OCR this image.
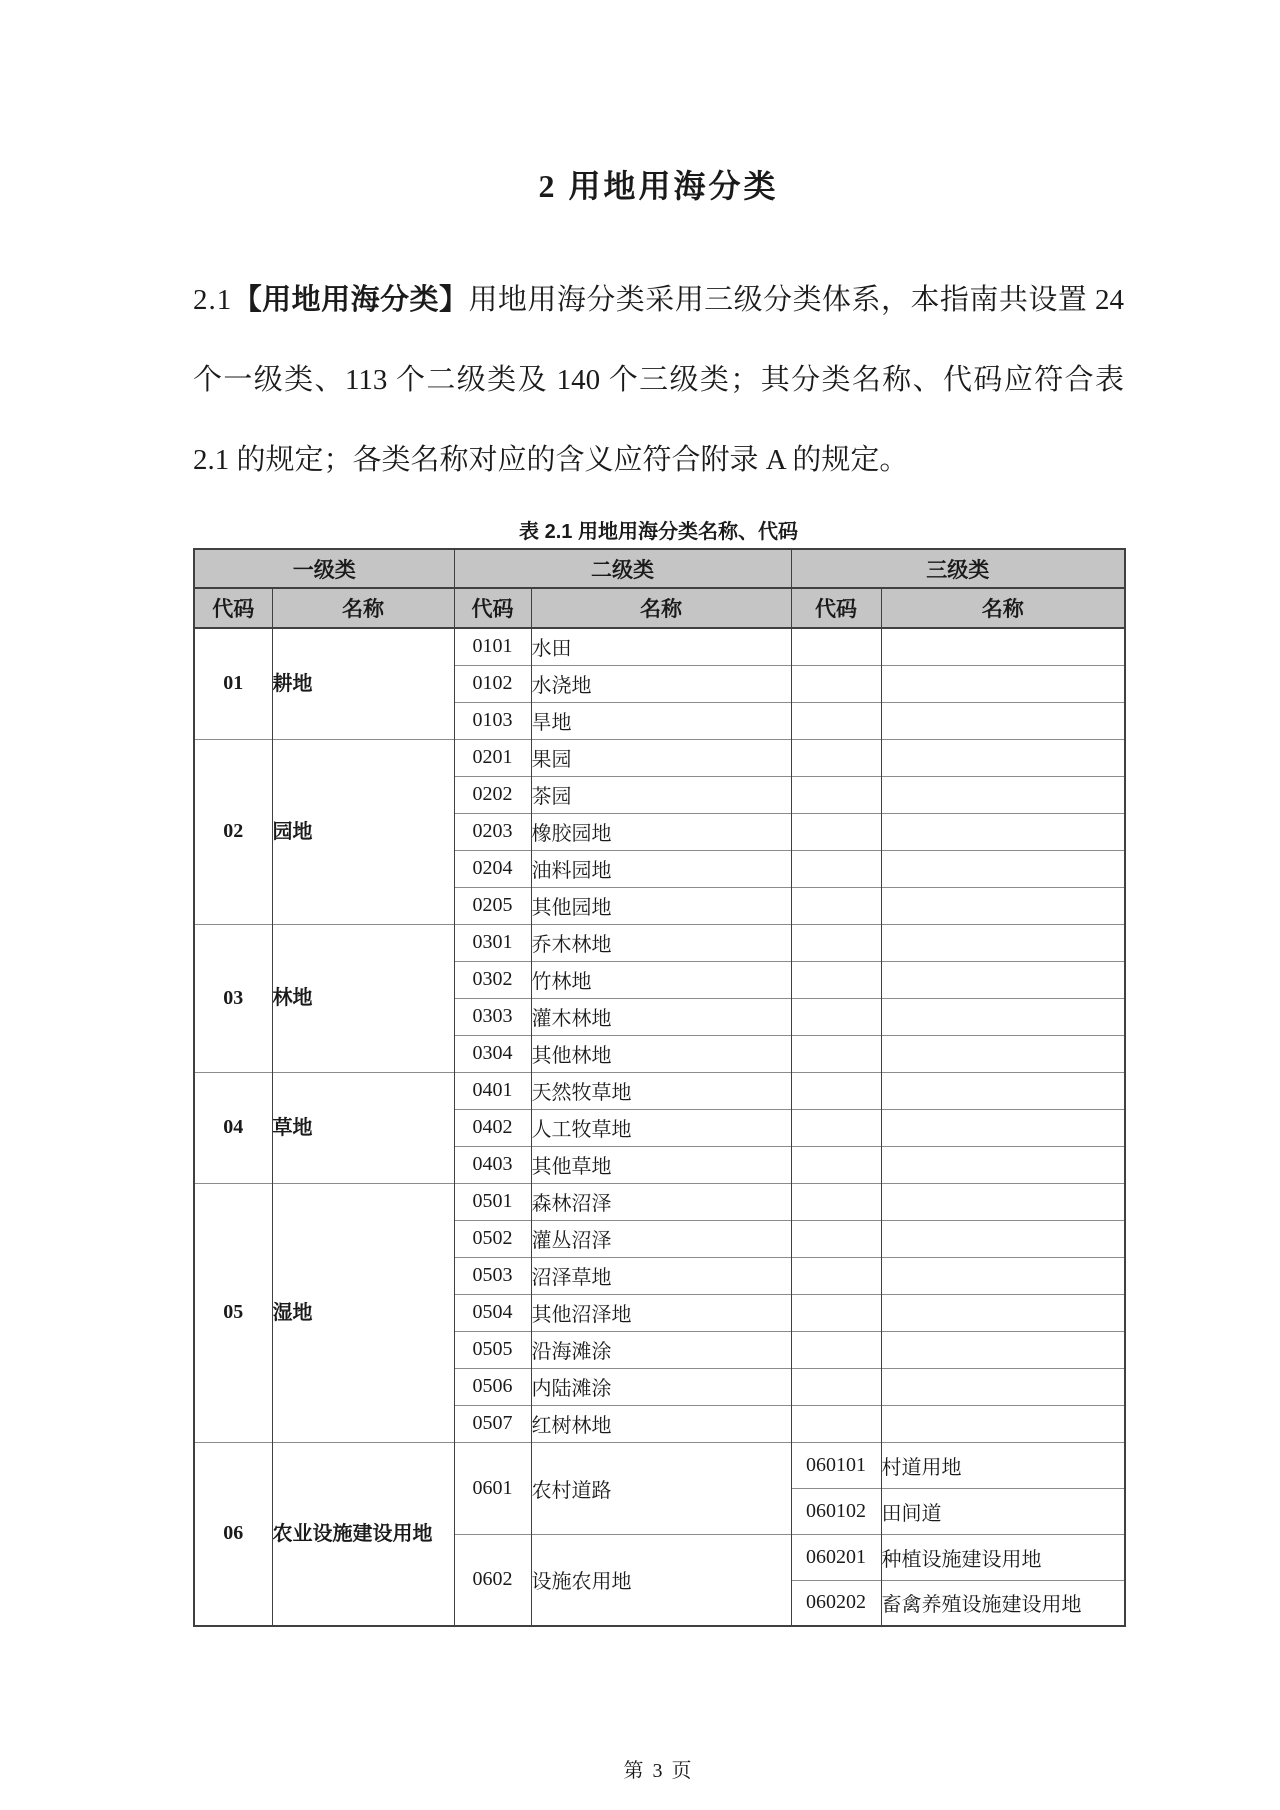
2 用地用海分类
2.1【用地用海分类】用地用海分类采用三级分类体系，本指南共设置 24 个一级类、113 个二级类及 140 个三级类；其分类名称、代码应符合表 2.1 的规定；各类名称对应的含义应符合附录 A 的规定。
表 2.1 用地用海分类名称、代码
一级类		二级类		三级类	
代码	名称	代码	名称	代码	名称
01	耕地	0101	水田		
		0102	水浇地		
		0103	旱地		
02	园地	0201	果园		
		0202	茶园		
		0203	橡胶园地		
		0204	油料园地		
		0205	其他园地		
03	林地	0301	乔木林地		
		0302	竹林地		
		0303	灌木林地		
		0304	其他林地		
04	草地	0401	天然牧草地		
		0402	人工牧草地		
		0403	其他草地		
05	湿地	0501	森林沼泽		
		0502	灌丛沼泽		
		0503	沼泽草地		
		0504	其他沼泽地		
		0505	沿海滩涂		
		0506	内陆滩涂		
		0507	红树林地		
06	农业设施建设用地	0601	农村道路	060101	村道用地
				060102	田间道
		0602	设施农用地	060201	种植设施建设用地
				060202	畜禽养殖设施建设用地
第 3 页
